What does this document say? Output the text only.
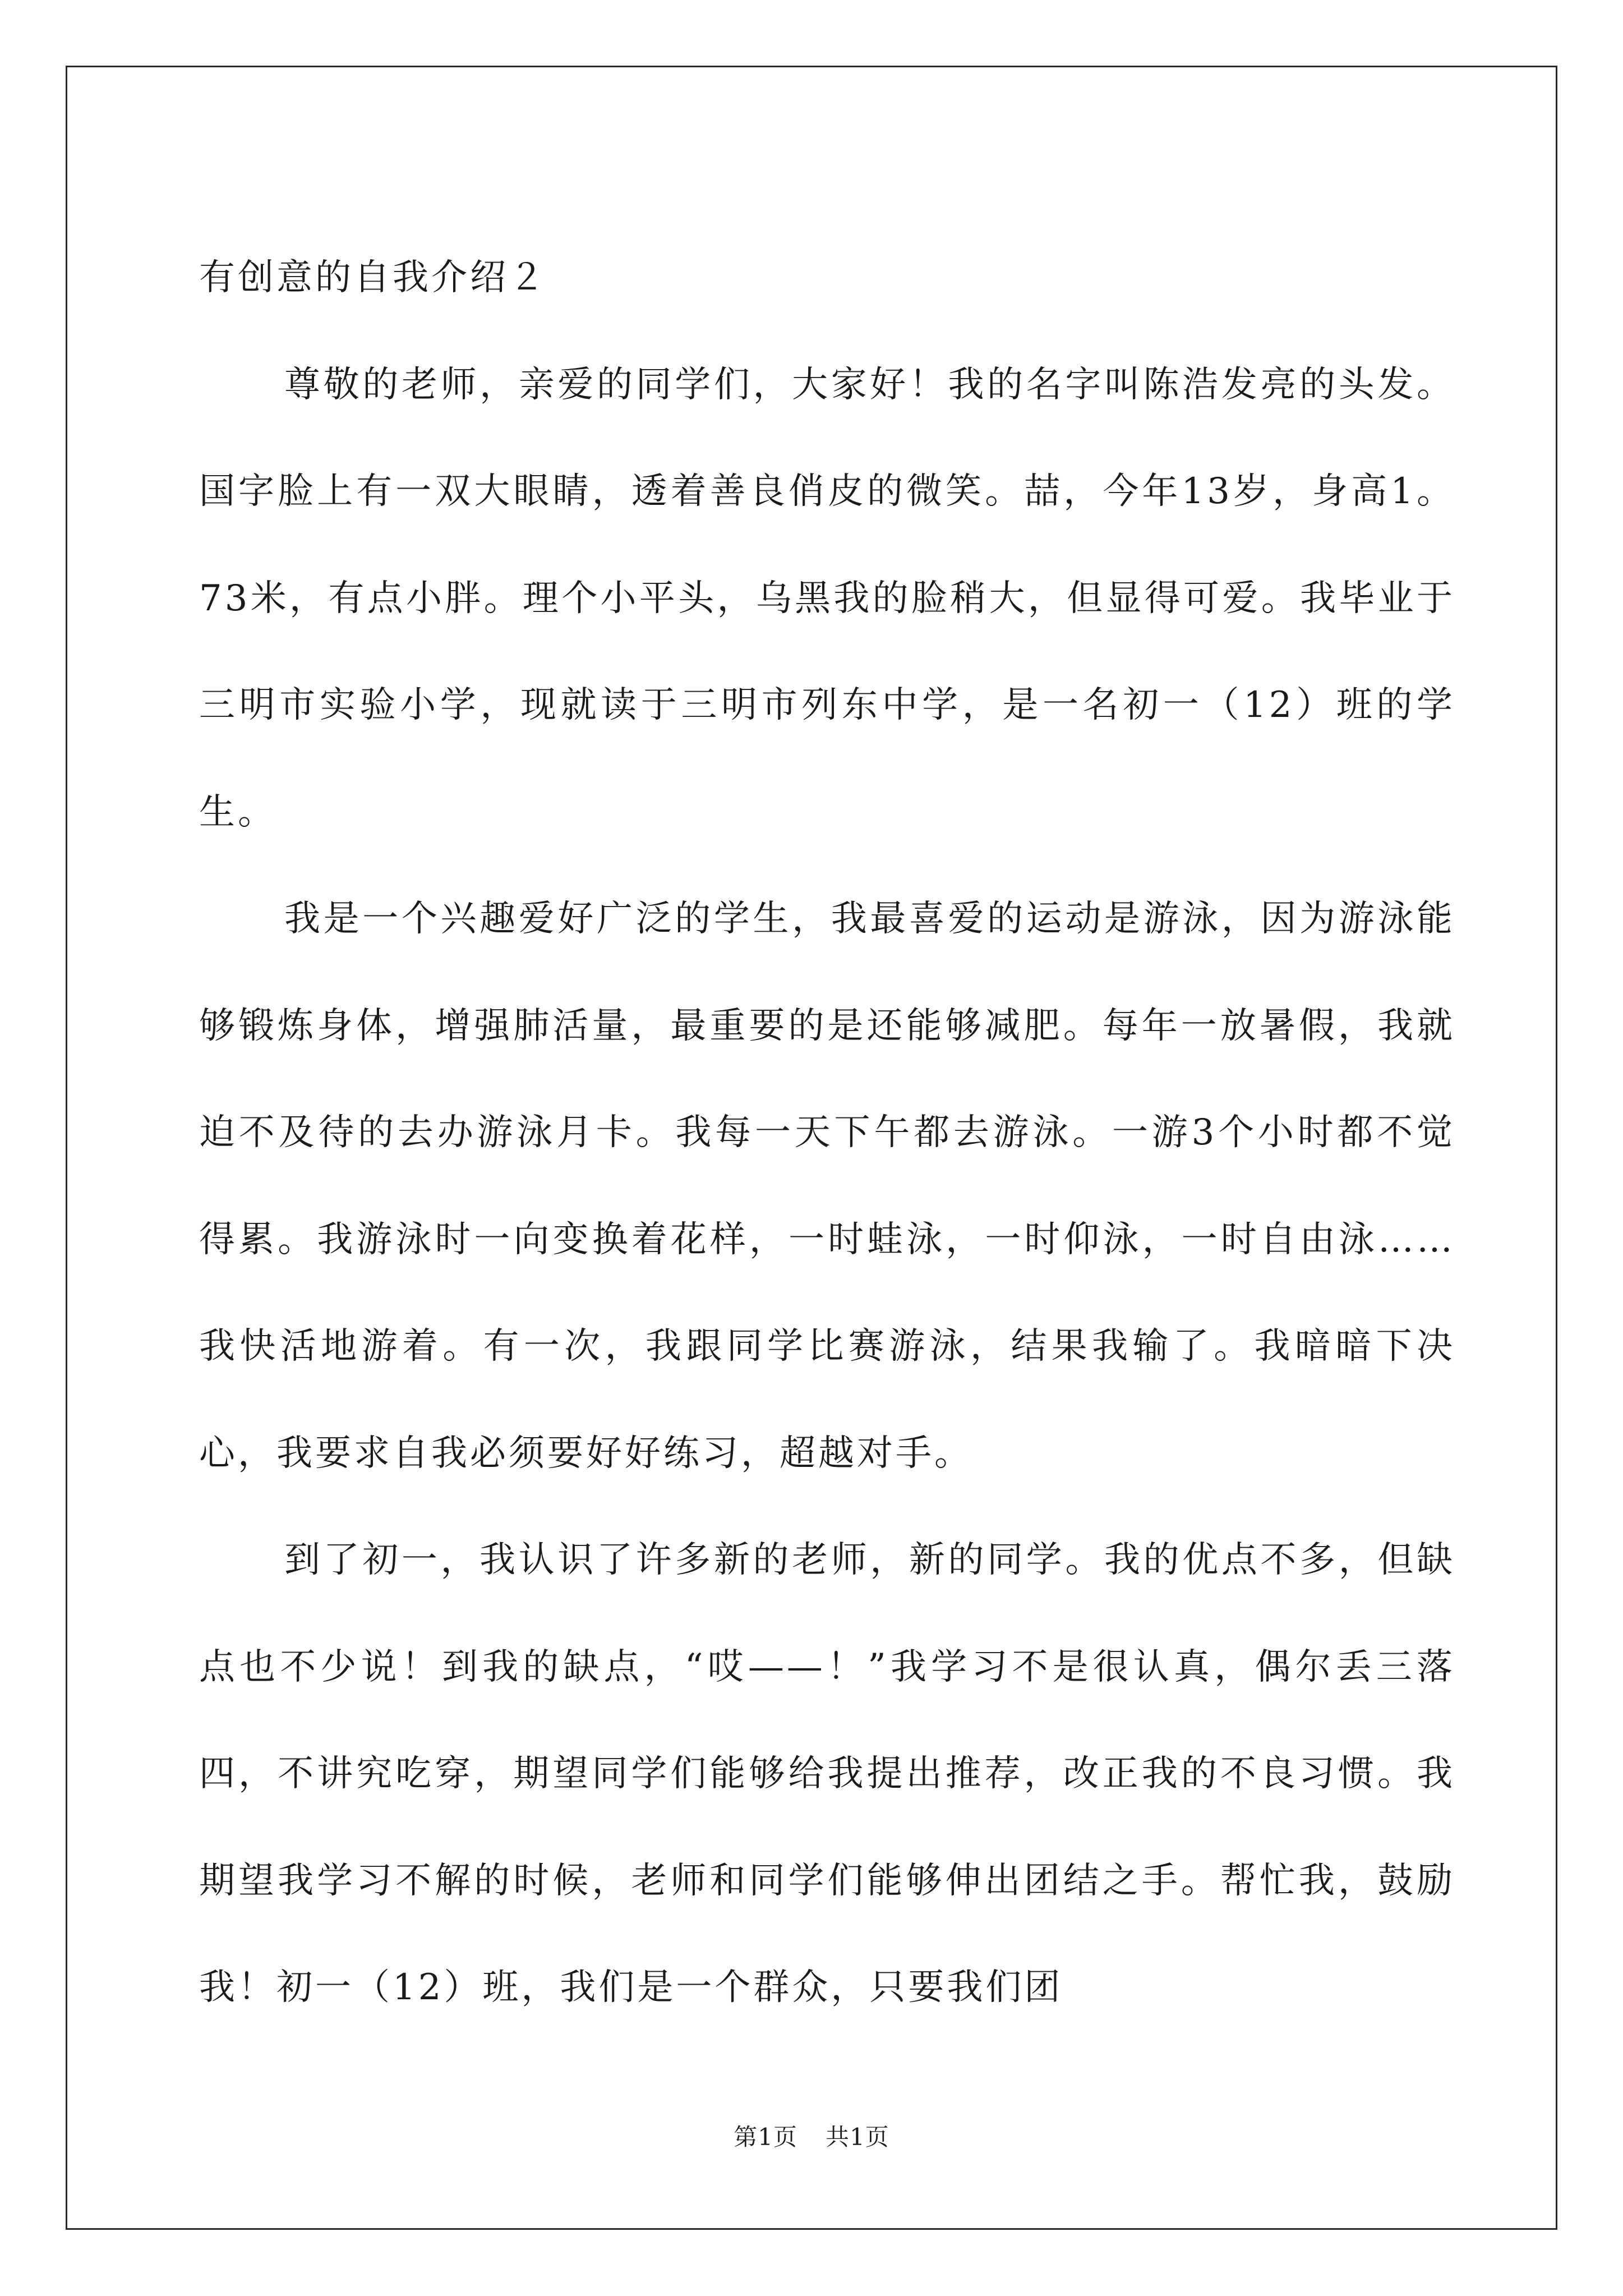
有创意的自我介绍２

尊敬的老师，亲爱的同学们，大家好！我的名字叫陈浩发亮的头发。国字脸上有一双大眼睛，透着善良俏皮的微笑。喆，今年13岁，身高1。73米，有点小胖。理个小平头，乌黑我的脸稍大，但显得可爱。我毕业于三明市实验小学，现就读于三明市列东中学，是一名初一（12）班的学生。

我是一个兴趣爱好广泛的学生，我最喜爱的运动是游泳，因为游泳能够锻炼身体，增强肺活量，最重要的是还能够减肥。每年一放暑假，我就迫不及待的去办游泳月卡。我每一天下午都去游泳。一游3个小时都不觉得累。我游泳时一向变换着花样，一时蛙泳，一时仰泳，一时自由泳……我快活地游着。有一次，我跟同学比赛游泳，结果我输了。我暗暗下决心，我要求自我必须要好好练习，超越对手。

到了初一，我认识了许多新的老师，新的同学。我的优点不多，但缺点也不少说！到我的缺点，“哎——！”我学习不是很认真，偶尔丢三落四，不讲究吃穿，期望同学们能够给我提出推荐，改正我的不良习惯。我期望我学习不解的时候，老师和同学们能够伸出团结之手。帮忙我，鼓励我！初一（12）班，我们是一个群众，只要我们团

第1页 共1页
